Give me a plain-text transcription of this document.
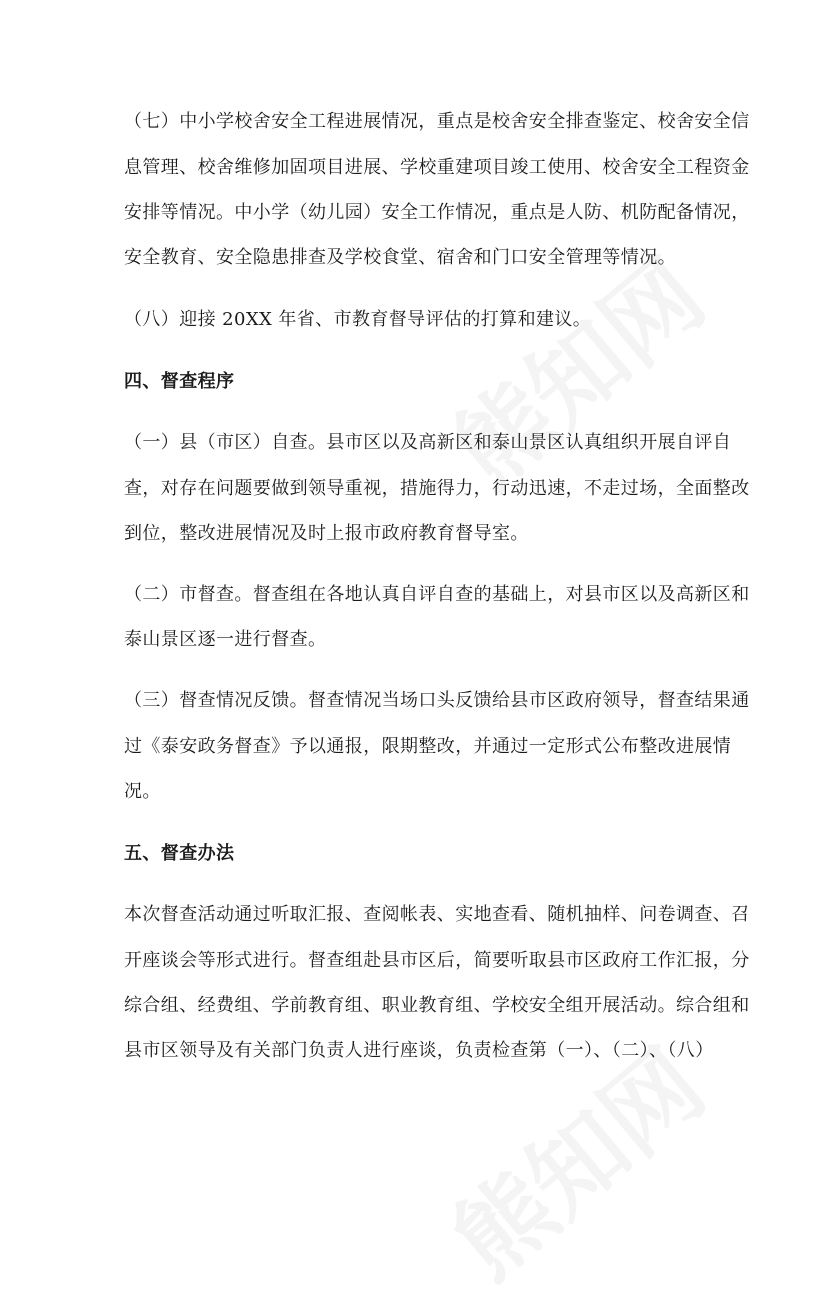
（七）中小学校舍安全工程进展情况，重点是校舍安全排查鉴定、校舍安全信
息管理、校舍维修加固项目进展、学校重建项目竣工使用、校舍安全工程资金
安排等情况。中小学（幼儿园）安全工作情况，重点是人防、机防配备情况，
安全教育、安全隐患排查及学校食堂、宿舍和门口安全管理等情况。
（八）迎接 20XX 年省、市教育督导评估的打算和建议。
四、督查程序
（一）县（市区）自查。县市区以及高新区和泰山景区认真组织开展自评自
查，对存在问题要做到领导重视，措施得力，行动迅速，不走过场，全面整改
到位，整改进展情况及时上报市政府教育督导室。
（二）市督查。督查组在各地认真自评自查的基础上，对县市区以及高新区和
泰山景区逐一进行督查。
（三）督查情况反馈。督查情况当场口头反馈给县市区政府领导，督查结果通
过《泰安政务督查》予以通报，限期整改，并通过一定形式公布整改进展情
况。
五、督查办法
本次督查活动通过听取汇报、查阅帐表、实地查看、随机抽样、问卷调查、召
开座谈会等形式进行。督查组赴县市区后，简要听取县市区政府工作汇报，分
综合组、经费组、学前教育组、职业教育组、学校安全组开展活动。综合组和
县市区领导及有关部门负责人进行座谈，负责检查第（一）、（二）、（八）
